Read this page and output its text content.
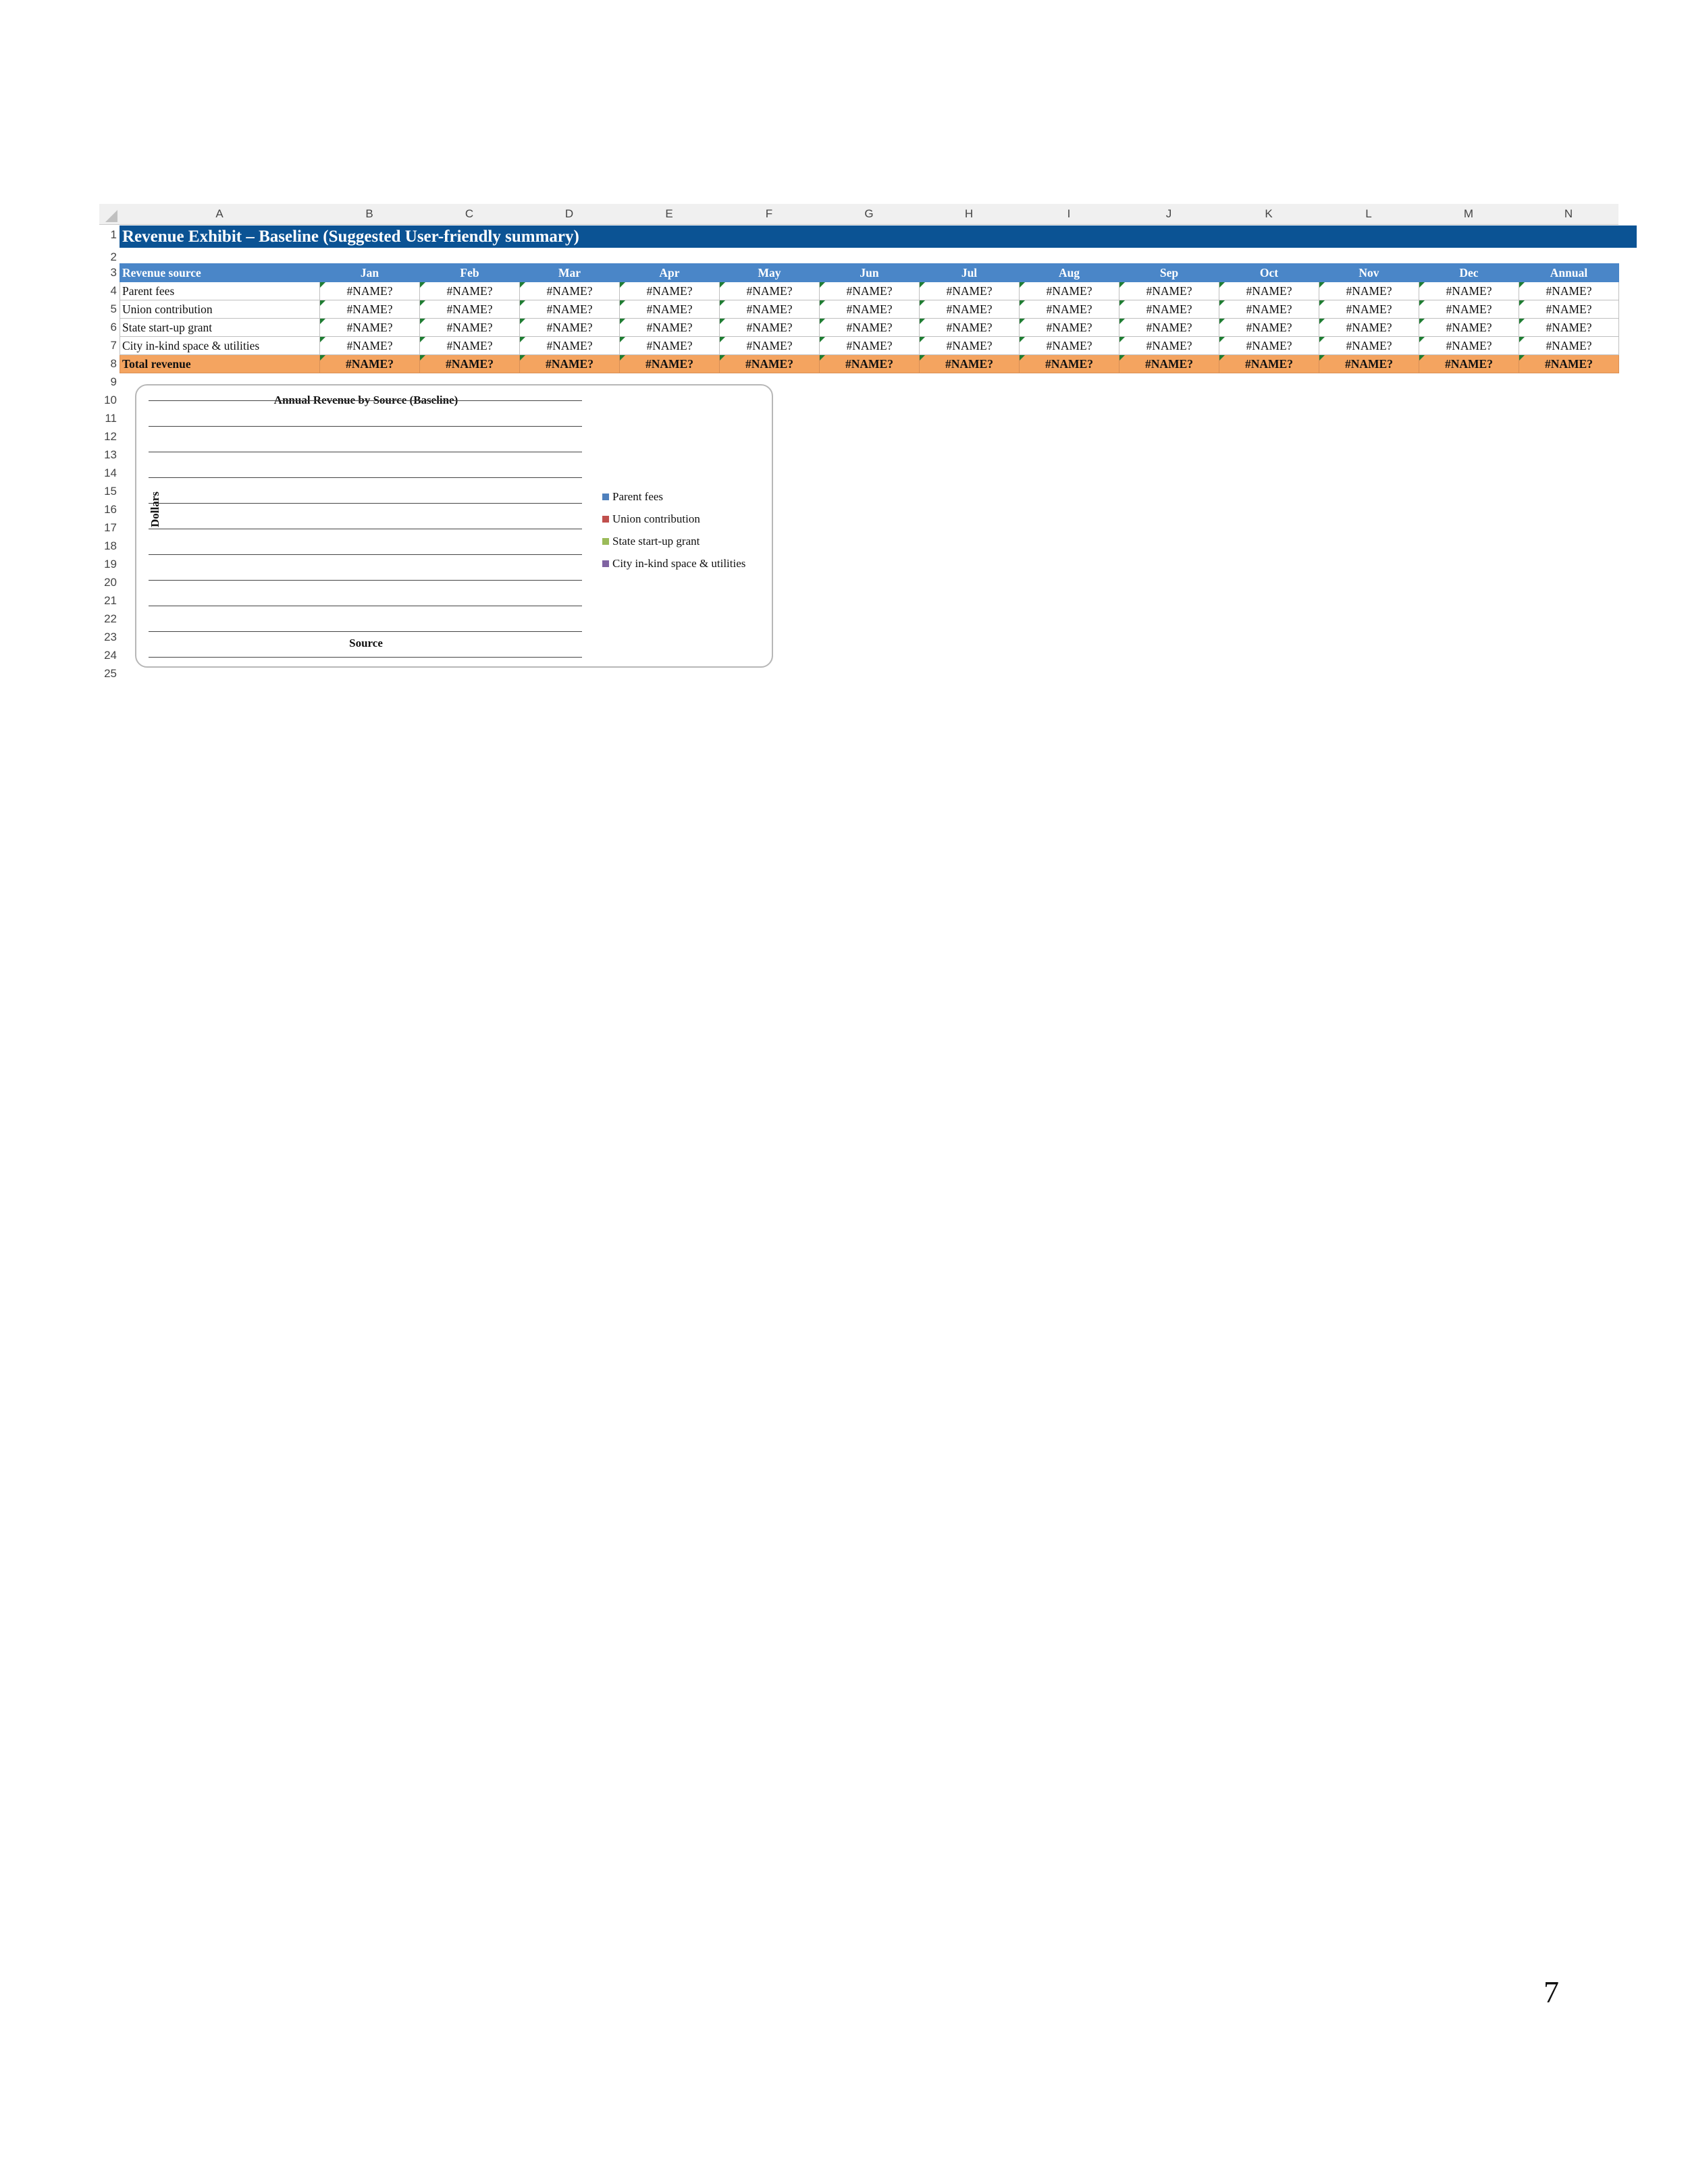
A	B	C	D	E	F	G	H	I	J	K	L	M	N
1
2
3
4
5
6
7
8
9
10
11
12
13
14
15
16
17
18
19
20
21
22
23
24
25
Revenue Exhibit – Baseline (Suggested User-friendly summary)
Revenue source	Jan	Feb	Mar	Apr	May	Jun	Jul	Aug	Sep	Oct	Nov	Dec	Annual
Parent fees	#NAME?	#NAME?	#NAME?	#NAME?	#NAME?	#NAME?	#NAME?	#NAME?	#NAME?	#NAME?	#NAME?	#NAME?	#NAME?
Union contribution	#NAME?	#NAME?	#NAME?	#NAME?	#NAME?	#NAME?	#NAME?	#NAME?	#NAME?	#NAME?	#NAME?	#NAME?	#NAME?
State start-up grant	#NAME?	#NAME?	#NAME?	#NAME?	#NAME?	#NAME?	#NAME?	#NAME?	#NAME?	#NAME?	#NAME?	#NAME?	#NAME?
City in-kind space & utilities	#NAME?	#NAME?	#NAME?	#NAME?	#NAME?	#NAME?	#NAME?	#NAME?	#NAME?	#NAME?	#NAME?	#NAME?	#NAME?
Total revenue	#NAME?	#NAME?	#NAME?	#NAME?	#NAME?	#NAME?	#NAME?	#NAME?	#NAME?	#NAME?	#NAME?	#NAME?	#NAME?
Annual Revenue by Source (Baseline)
Dollars
Source
Parent fees
Union contribution
State start-up grant
City in-kind space & utilities
7
